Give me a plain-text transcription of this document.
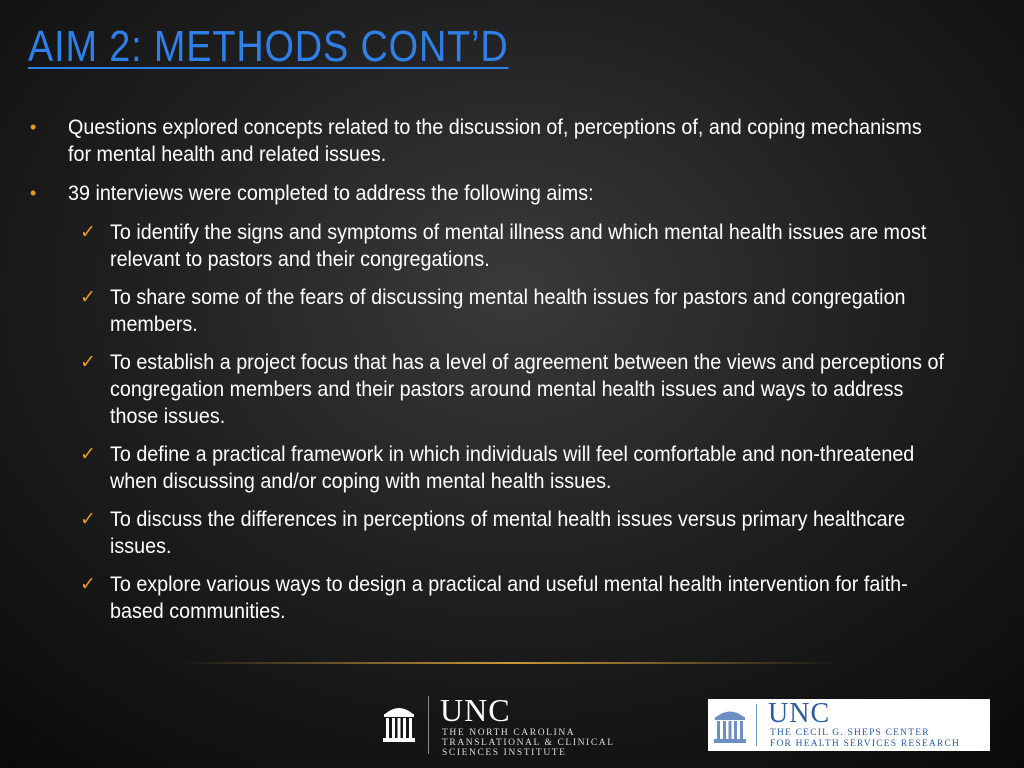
AIM 2: METHODS CONT’D
•	Questions explored concepts related to the discussion of, perceptions of, and coping mechanisms for mental health and related issues.
•	39 interviews were completed to address the following aims:
✓ To identify the signs and symptoms of mental illness and which mental health issues are most relevant to pastors and their congregations.
✓ To share some of the fears of discussing mental health issues for pastors and congregation members.
✓ To establish a project focus that has a level of agreement between the views and perceptions of congregation members and their pastors around mental health issues and ways to address those issues.
✓ To define a practical framework in which individuals will feel comfortable and non-threatened when discussing and/or coping with mental health issues.
✓ To discuss the differences in perceptions of mental health issues versus primary healthcare issues.
✓ To explore various ways to design a practical and useful mental health intervention for faith-based communities.
UNC
THE NORTH CAROLINA
TRANSLATIONAL & CLINICAL
SCIENCES INSTITUTE
UNC
THE CECIL G. SHEPS CENTER
FOR HEALTH SERVICES RESEARCH
